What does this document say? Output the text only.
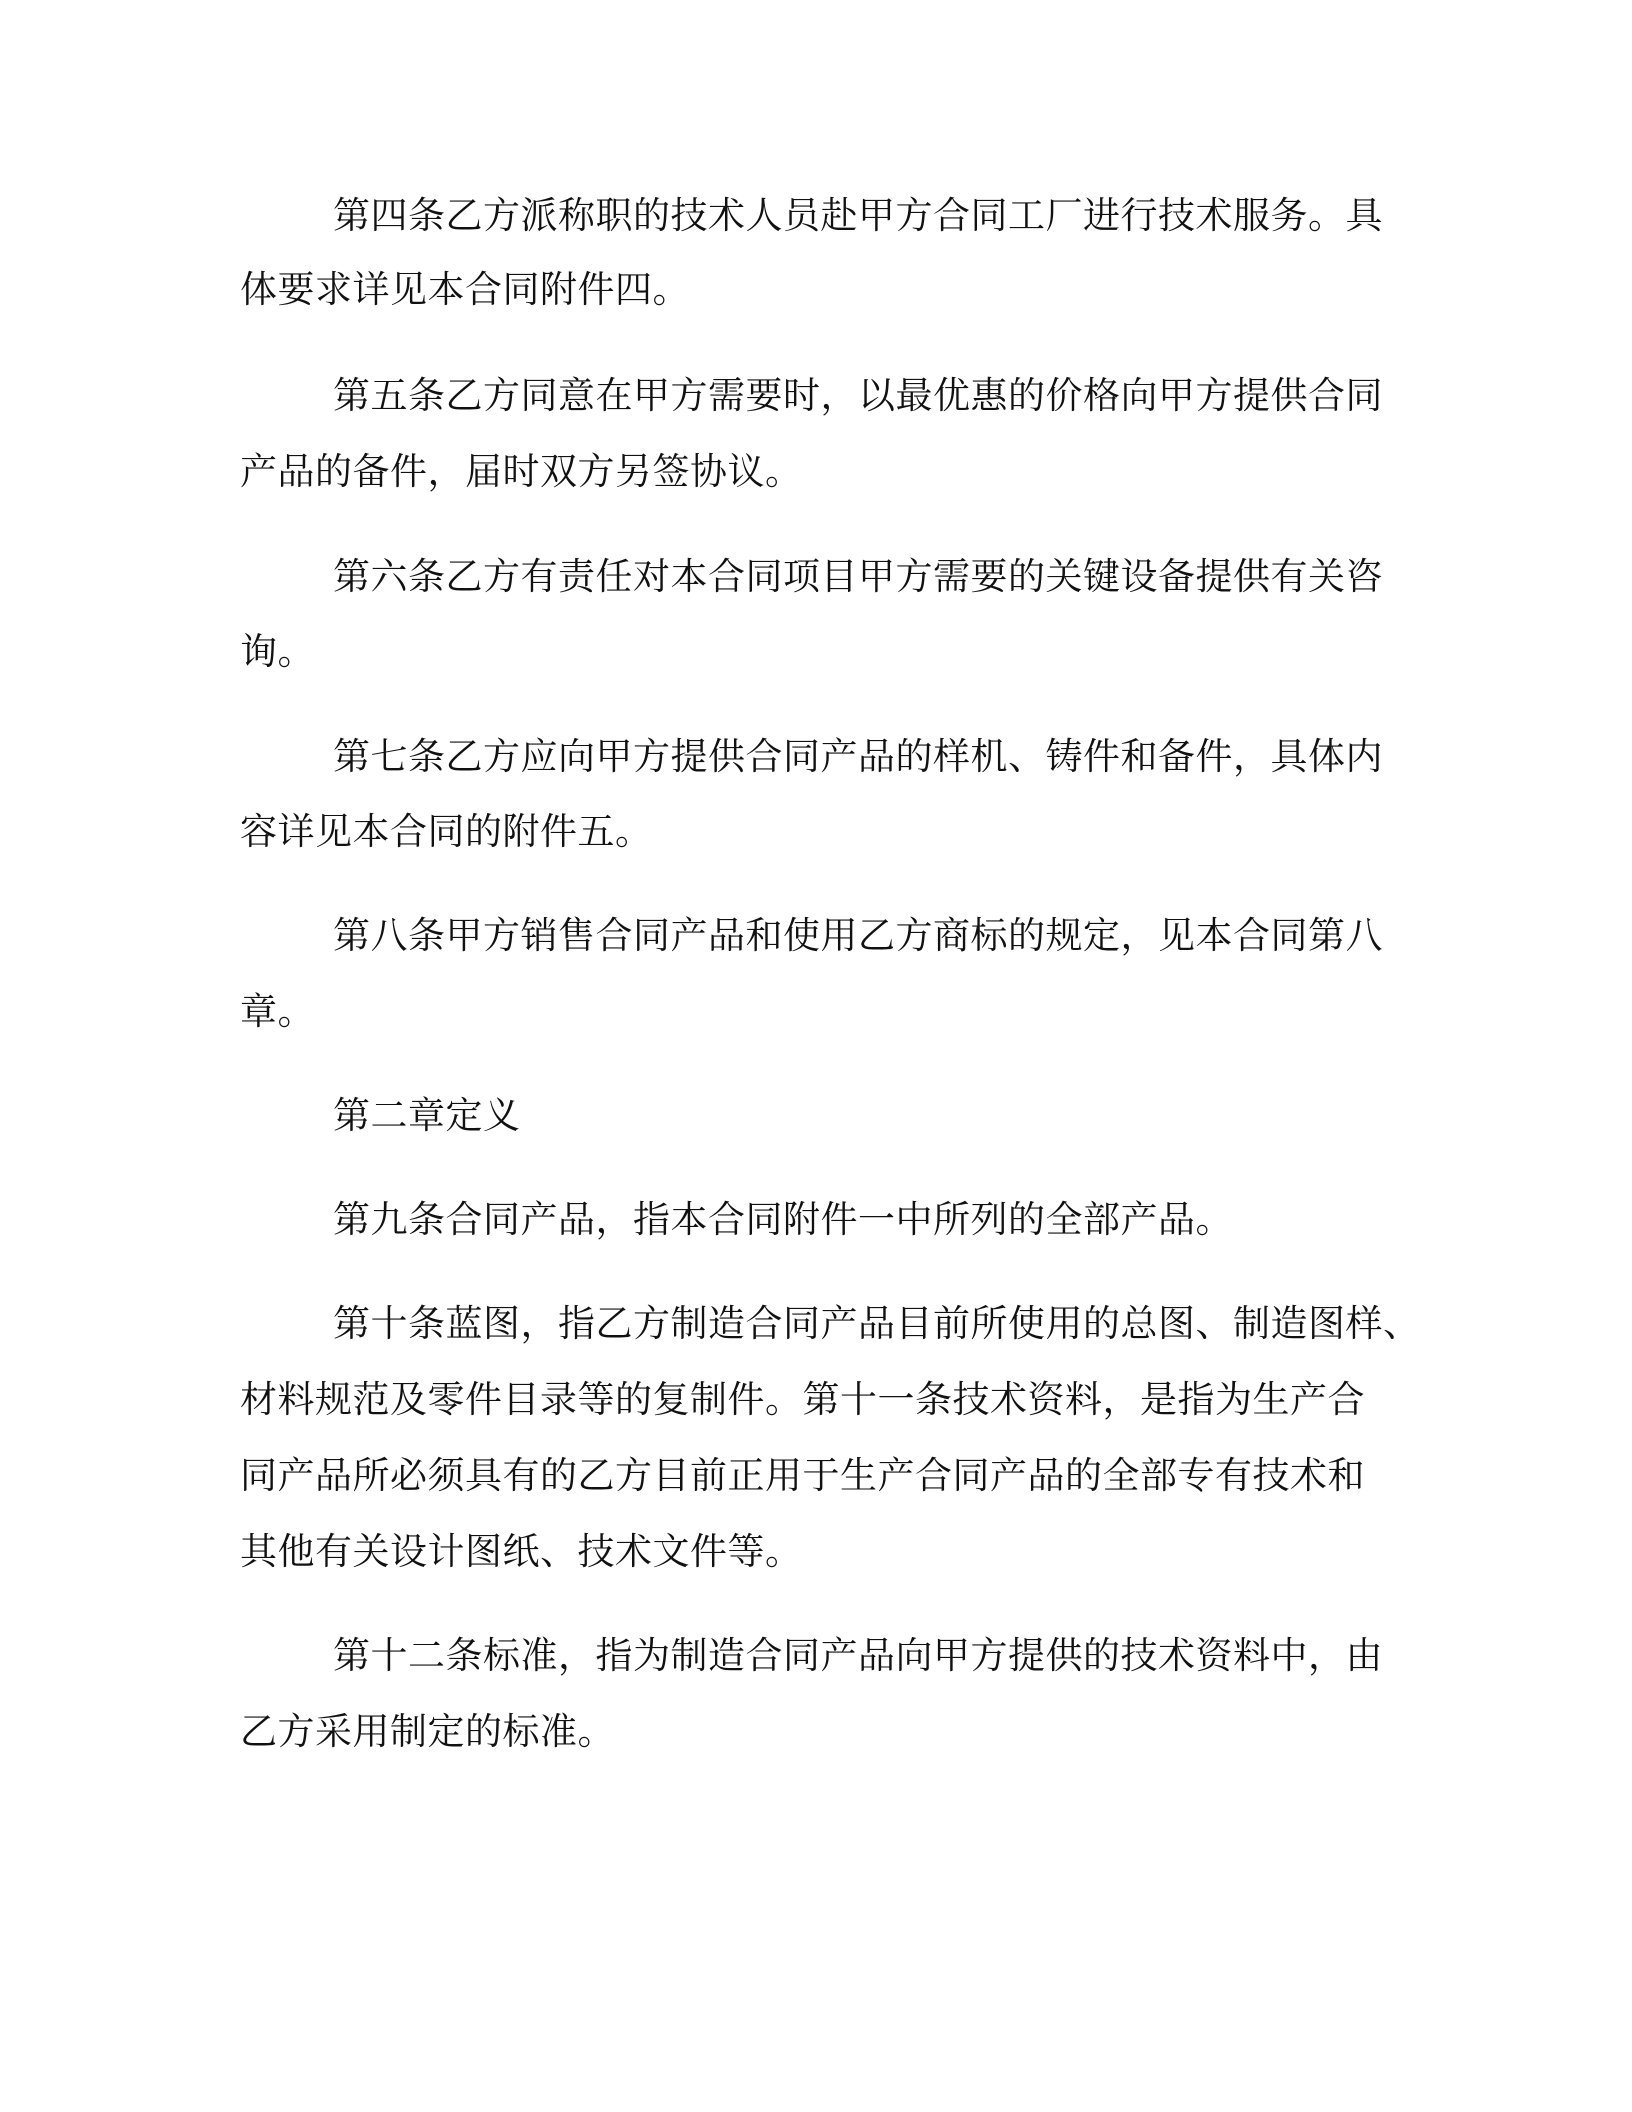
第四条乙方派称职的技术人员赴甲方合同工厂进行技术服务。具
体要求详见本合同附件四。
第五条乙方同意在甲方需要时，以最优惠的价格向甲方提供合同
产品的备件，届时双方另签协议。
第六条乙方有责任对本合同项目甲方需要的关键设备提供有关咨
询。
第七条乙方应向甲方提供合同产品的样机、铸件和备件，具体内
容详见本合同的附件五。
第八条甲方销售合同产品和使用乙方商标的规定，见本合同第八
章。
第二章定义
第九条合同产品，指本合同附件一中所列的全部产品。
第十条蓝图，指乙方制造合同产品目前所使用的总图、制造图样、
材料规范及零件目录等的复制件。第十一条技术资料，是指为生产合
同产品所必须具有的乙方目前正用于生产合同产品的全部专有技术和
其他有关设计图纸、技术文件等。
第十二条标准，指为制造合同产品向甲方提供的技术资料中，由
乙方采用制定的标准。
